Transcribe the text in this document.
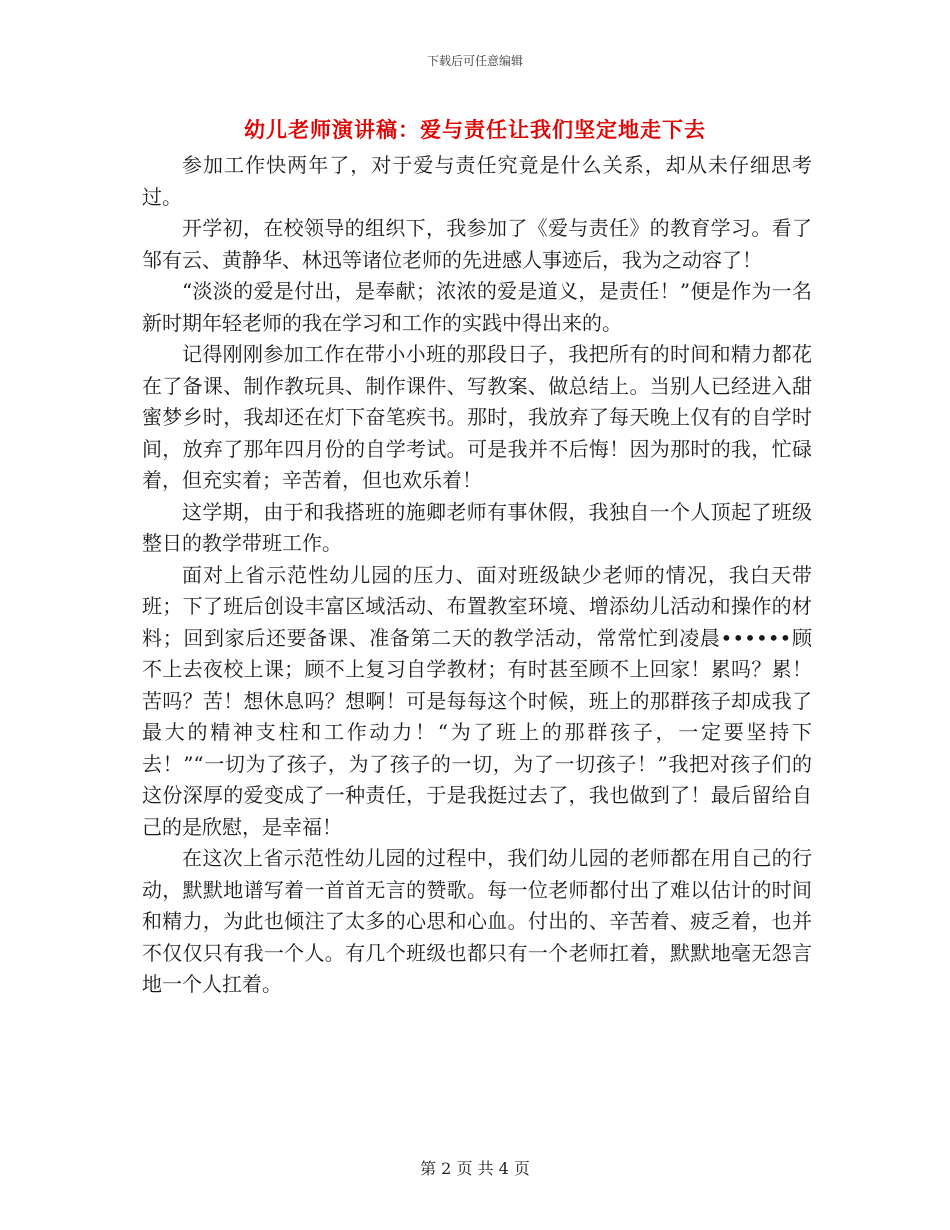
下载后可任意编辑
幼儿老师演讲稿：爱与责任让我们坚定地走下去

参加工作快两年了，对于爱与责任究竟是什么关系，却从未仔细思考过。

开学初，在校领导的组织下，我参加了《爱与责任》的教育学习。看了邹有云、黄静华、林迅等诸位老师的先进感人事迹后，我为之动容了！

“淡淡的爱是付出，是奉献；浓浓的爱是道义，是责任！”便是作为一名新时期年轻老师的我在学习和工作的实践中得出来的。

记得刚刚参加工作在带小小班的那段日子，我把所有的时间和精力都花在了备课、制作教玩具、制作课件、写教案、做总结上。当别人已经进入甜蜜梦乡时，我却还在灯下奋笔疾书。那时，我放弃了每天晚上仅有的自学时间，放弃了那年四月份的自学考试。可是我并不后悔！因为那时的我，忙碌着，但充实着；辛苦着，但也欢乐着！

这学期，由于和我搭班的施卿老师有事休假，我独自一个人顶起了班级整日的教学带班工作。

面对上省示范性幼儿园的压力、面对班级缺少老师的情况，我白天带班；下了班后创设丰富区域活动、布置教室环境、增添幼儿活动和操作的材料；回到家后还要备课、准备第二天的教学活动，常常忙到凌晨••••••顾不上去夜校上课；顾不上复习自学教材；有时甚至顾不上回家！累吗？累！苦吗？苦！想休息吗？想啊！可是每每这个时候，班上的那群孩子却成我了最大的精神支柱和工作动力！“为了班上的那群孩子，一定要坚持下去！”“一切为了孩子，为了孩子的一切，为了一切孩子！”我把对孩子们的这份深厚的爱变成了一种责任，于是我挺过去了，我也做到了！最后留给自己的是欣慰，是幸福！

在这次上省示范性幼儿园的过程中，我们幼儿园的老师都在用自己的行动，默默地谱写着一首首无言的赞歌。每一位老师都付出了难以估计的时间和精力，为此也倾注了太多的心思和心血。付出的、辛苦着、疲乏着，也并不仅仅只有我一个人。有几个班级也都只有一个老师扛着，默默地毫无怨言地一个人扛着。

第 2 页 共 4 页
